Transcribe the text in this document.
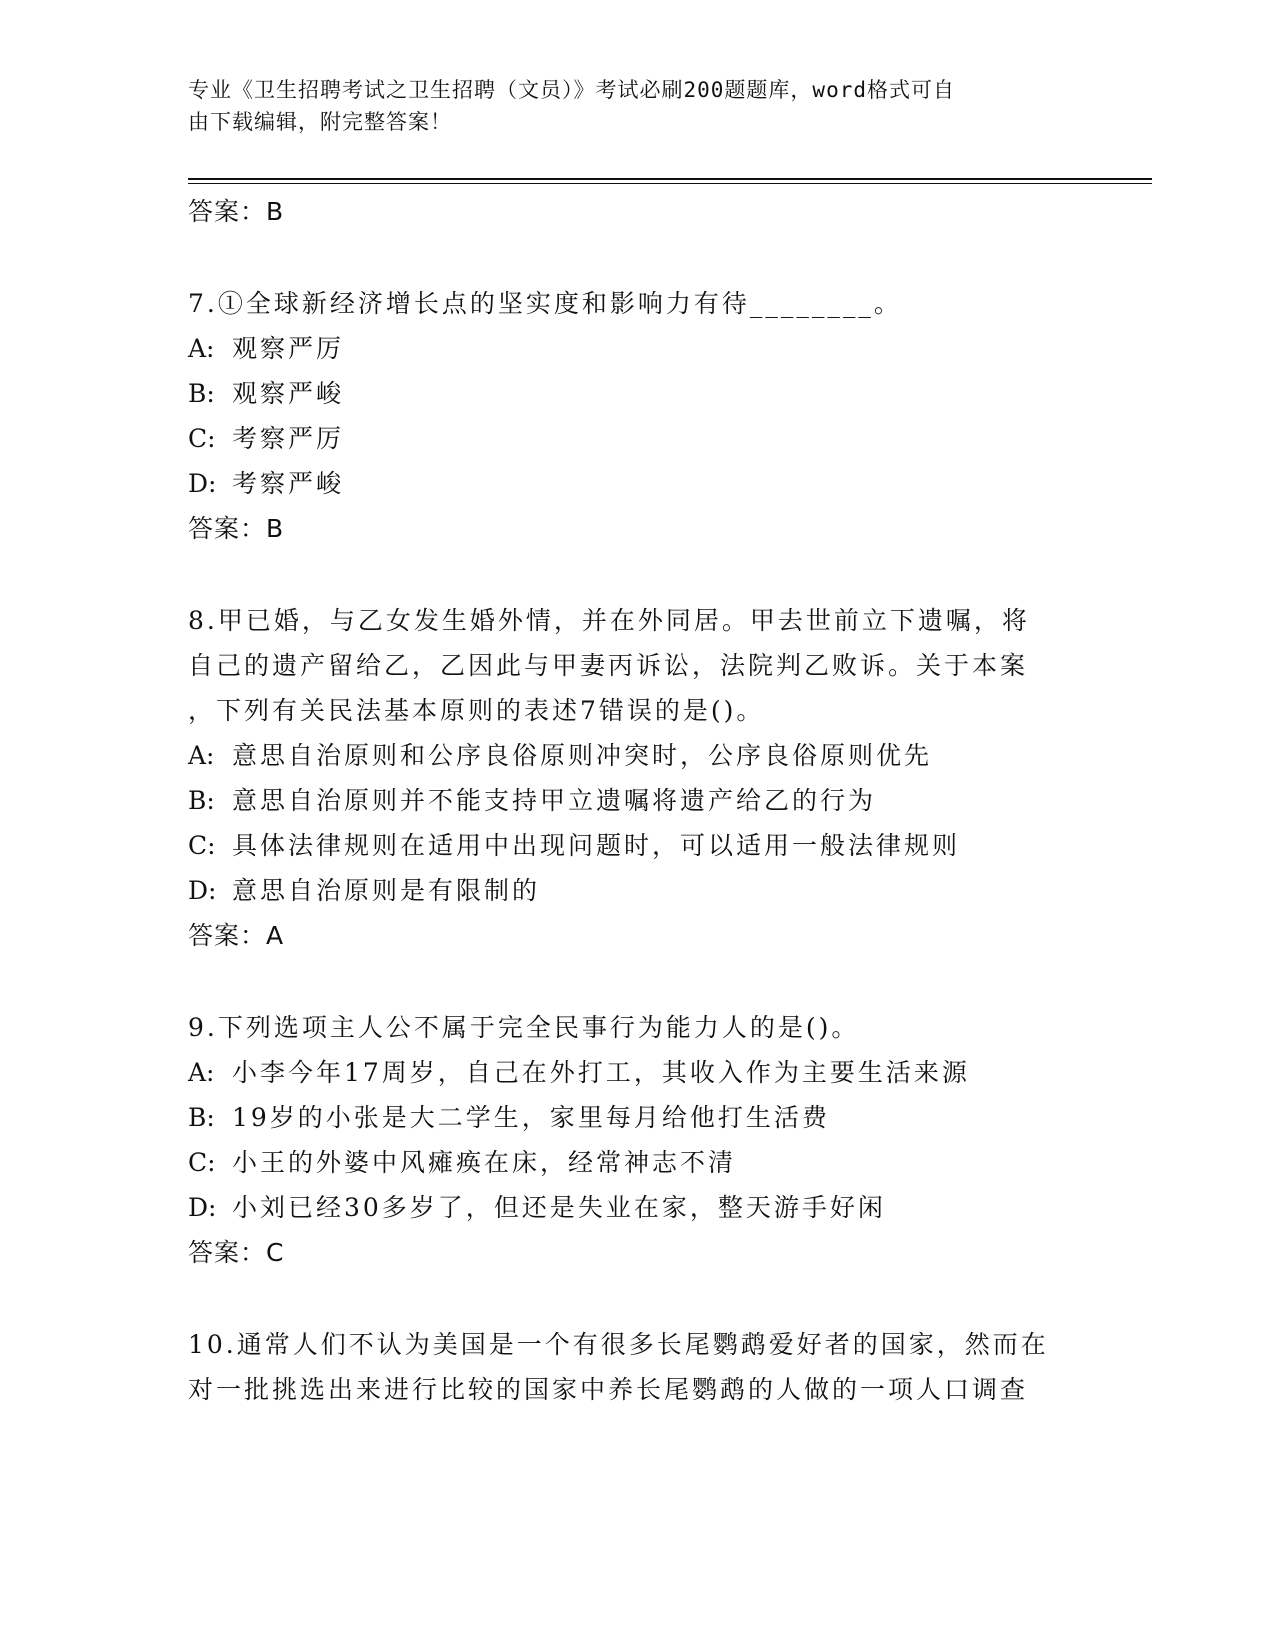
专业《卫生招聘考试之卫生招聘（文员）》考试必刷200题题库，word格式可自
由下载编辑，附完整答案！
答案：B
7.①全球新经济增长点的坚实度和影响力有待________。
A: 观察严厉
B: 观察严峻
C: 考察严厉
D: 考察严峻
答案：B
8.甲已婚，与乙女发生婚外情，并在外同居。甲去世前立下遗嘱，将
自己的遗产留给乙，乙因此与甲妻丙诉讼，法院判乙败诉。关于本案
，下列有关民法基本原则的表述7错误的是()。
A: 意思自治原则和公序良俗原则冲突时，公序良俗原则优先
B: 意思自治原则并不能支持甲立遗嘱将遗产给乙的行为
C: 具体法律规则在适用中出现问题时，可以适用一般法律规则
D: 意思自治原则是有限制的
答案：A
9.下列选项主人公不属于完全民事行为能力人的是()。
A: 小李今年17周岁，自己在外打工，其收入作为主要生活来源
B: 19岁的小张是大二学生，家里每月给他打生活费
C: 小王的外婆中风瘫痪在床，经常神志不清
D: 小刘已经30多岁了，但还是失业在家，整天游手好闲
答案：C
10.通常人们不认为美国是一个有很多长尾鹦鹉爱好者的国家，然而在
对一批挑选出来进行比较的国家中养长尾鹦鹉的人做的一项人口调查
